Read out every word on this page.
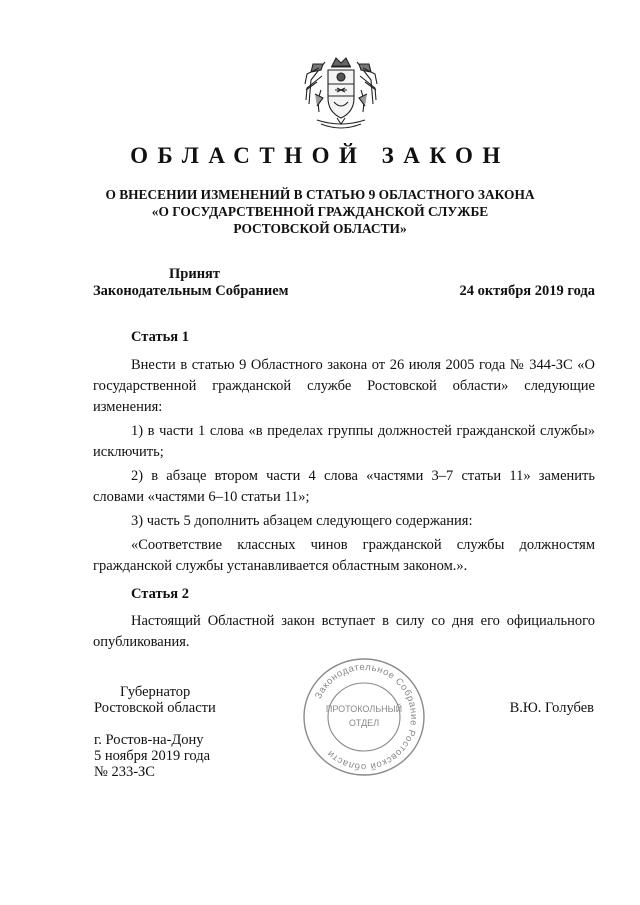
ОБЛАСТНОЙ ЗАКОН
О ВНЕСЕНИИ ИЗМЕНЕНИЙ В СТАТЬЮ 9 ОБЛАСТНОГО ЗАКОНА
«О ГОСУДАРСТВЕННОЙ ГРАЖДАНСКОЙ СЛУЖБЕ
РОСТОВСКОЙ ОБЛАСТИ»
Принят
Законодательным Собранием	24 октября 2019 года
Статья 1

Внести в статью 9 Областного закона от 26 июля 2005 года № 344-ЗС «О государственной гражданской службе Ростовской области» следующие изменения:

1) в части 1 слова «в пределах группы должностей гражданской службы» исключить;

2) в абзаце втором части 4 слова «частями 3–7 статьи 11» заменить словами «частями 6–10 статьи 11»;

3) часть 5 дополнить абзацем следующего содержания:

«Соответствие классных чинов гражданской службы должностям гражданской службы устанавливается областным законом.».

Статья 2

Настоящий Областной закон вступает в силу со дня его официального опубликования.

Губернатор
Ростовской области	В.Ю. Голубев
Законодательное Собрание Ростовской области
ПРОТОКОЛЬНЫЙ
ОТДЕЛ
г. Ростов-на-Дону
5 ноября 2019 года
№ 233-ЗС
